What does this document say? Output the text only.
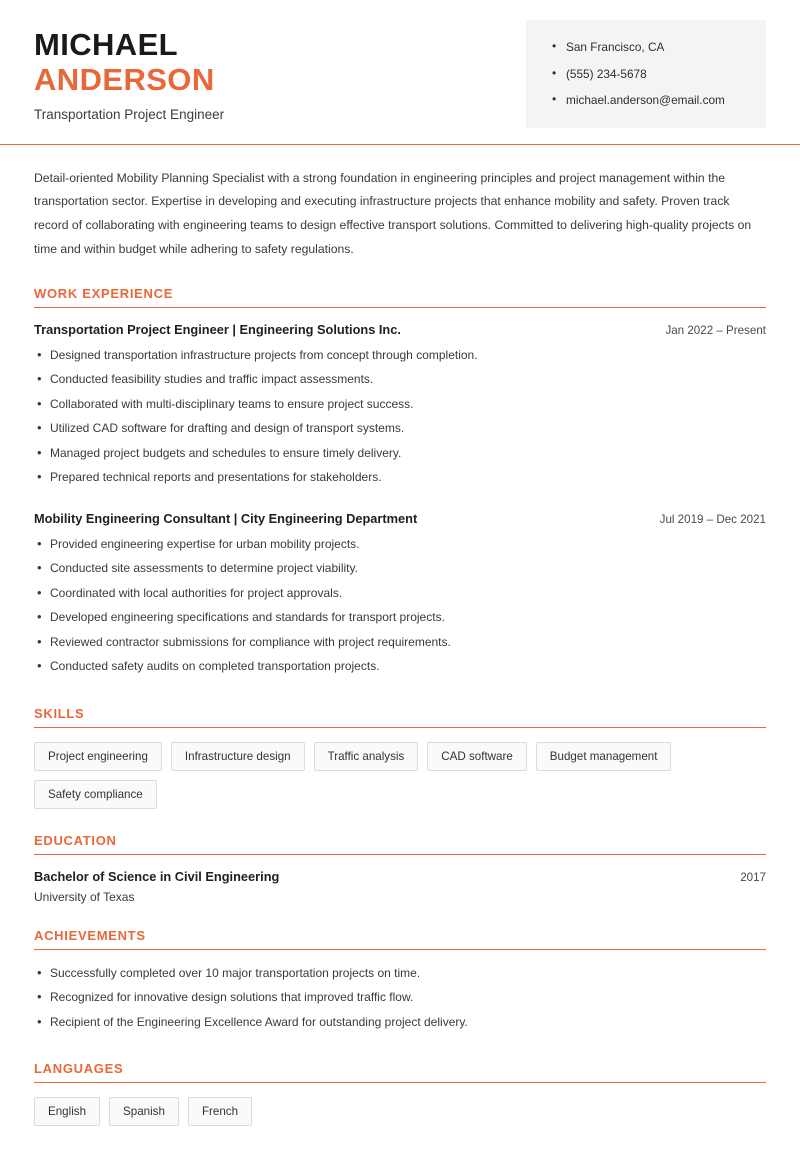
MICHAEL
ANDERSON
Transportation Project Engineer
• San Francisco, CA
• (555) 234-5678
• michael.anderson@email.com

Detail-oriented Mobility Planning Specialist with a strong foundation in engineering principles and project management within the transportation sector. Expertise in developing and executing infrastructure projects that enhance mobility and safety. Proven track record of collaborating with engineering teams to design effective transport solutions. Committed to delivering high-quality projects on time and within budget while adhering to safety regulations.

WORK EXPERIENCE
Transportation Project Engineer | Engineering Solutions Inc.	Jan 2022 – Present
• Designed transportation infrastructure projects from concept through completion.
• Conducted feasibility studies and traffic impact assessments.
• Collaborated with multi-disciplinary teams to ensure project success.
• Utilized CAD software for drafting and design of transport systems.
• Managed project budgets and schedules to ensure timely delivery.
• Prepared technical reports and presentations for stakeholders.
Mobility Engineering Consultant | City Engineering Department	Jul 2019 – Dec 2021
• Provided engineering expertise for urban mobility projects.
• Conducted site assessments to determine project viability.
• Coordinated with local authorities for project approvals.
• Developed engineering specifications and standards for transport projects.
• Reviewed contractor submissions for compliance with project requirements.
• Conducted safety audits on completed transportation projects.
SKILLS
Project engineering	Infrastructure design	Traffic analysis	CAD software	Budget management
Safety compliance
EDUCATION
Bachelor of Science in Civil Engineering	2017
University of Texas
ACHIEVEMENTS
• Successfully completed over 10 major transportation projects on time.
• Recognized for innovative design solutions that improved traffic flow.
• Recipient of the Engineering Excellence Award for outstanding project delivery.
LANGUAGES
English	Spanish	French
